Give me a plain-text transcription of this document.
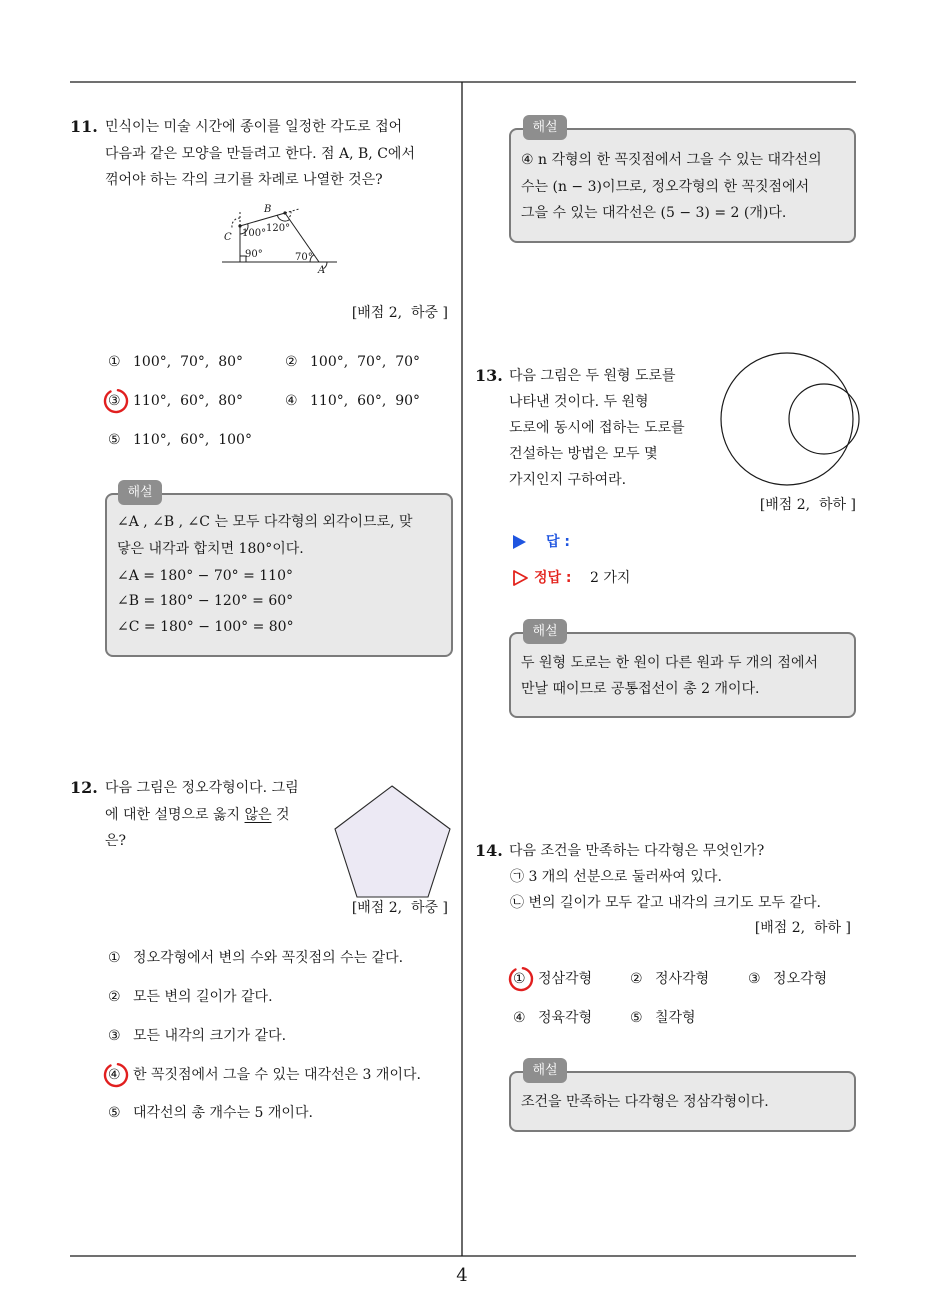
B
120°
C 100°
90°	70°
A
11. 민식이는 미술 시간에 종이를 일정한 각도로 접어
다음과 같은 모양을 만들려고 한다. 점 A, B, C에서
꺾어야 하는 각의 크기를 차례로 나열한 것은?
[배점 2,  하중 ]
① 100°,  70°,  80°	② 100°,  70°,  70°
③ 110°,  60°,  80°	④ 110°,  60°,  90°
⑤ 110°,  60°,  100°
해설
∠A , ∠B , ∠C 는 모두 다각형의 외각이므로, 맞
닿은 내각과 합치면 180°이다.
∠A = 180° − 70° = 110°
∠B = 180° − 120° = 60°
∠C = 180° − 100° = 80°
12. 다음 그림은 정오각형이다. 그림
에 대한 설명으로 옳지 않은 것
은?
[배점 2,  하중 ]
① 정오각형에서 변의 수와 꼭짓점의 수는 같다.
② 모든 변의 길이가 같다.
③ 모든 내각의 크기가 같다.
④ 한 꼭짓점에서 그을 수 있는 대각선은 3 개이다.
⑤ 대각선의 총 개수는 5 개이다.
해설
④ n 각형의 한 꼭짓점에서 그을 수 있는 대각선의
수는 (n − 3)이므로, 정오각형의 한 꼭짓점에서
그을 수 있는 대각선은 (5 − 3) = 2 (개)다.
13. 다음 그림은 두 원형 도로를
나타낸 것이다. 두 원형
도로에 동시에 접하는 도로를
건설하는 방법은 모두 몇
가지인지 구하여라.
[배점 2,  하하 ]
답 :
정답 : 2 가지
해설
두 원형 도로는 한 원이 다른 원과 두 개의 점에서
만날 때이므로 공통접선이 총 2 개이다.
14. 다음 조건을 만족하는 다각형은 무엇인가?
㉠ 3 개의 선분으로 둘러싸여 있다.
㉡ 변의 길이가 모두 같고 내각의 크기도 모두 같다.
[배점 2,  하하 ]
① 정삼각형	② 정사각형	③ 정오각형
④ 정육각형	⑤ 칠각형
해설
조건을 만족하는 다각형은 정삼각형이다.
4
